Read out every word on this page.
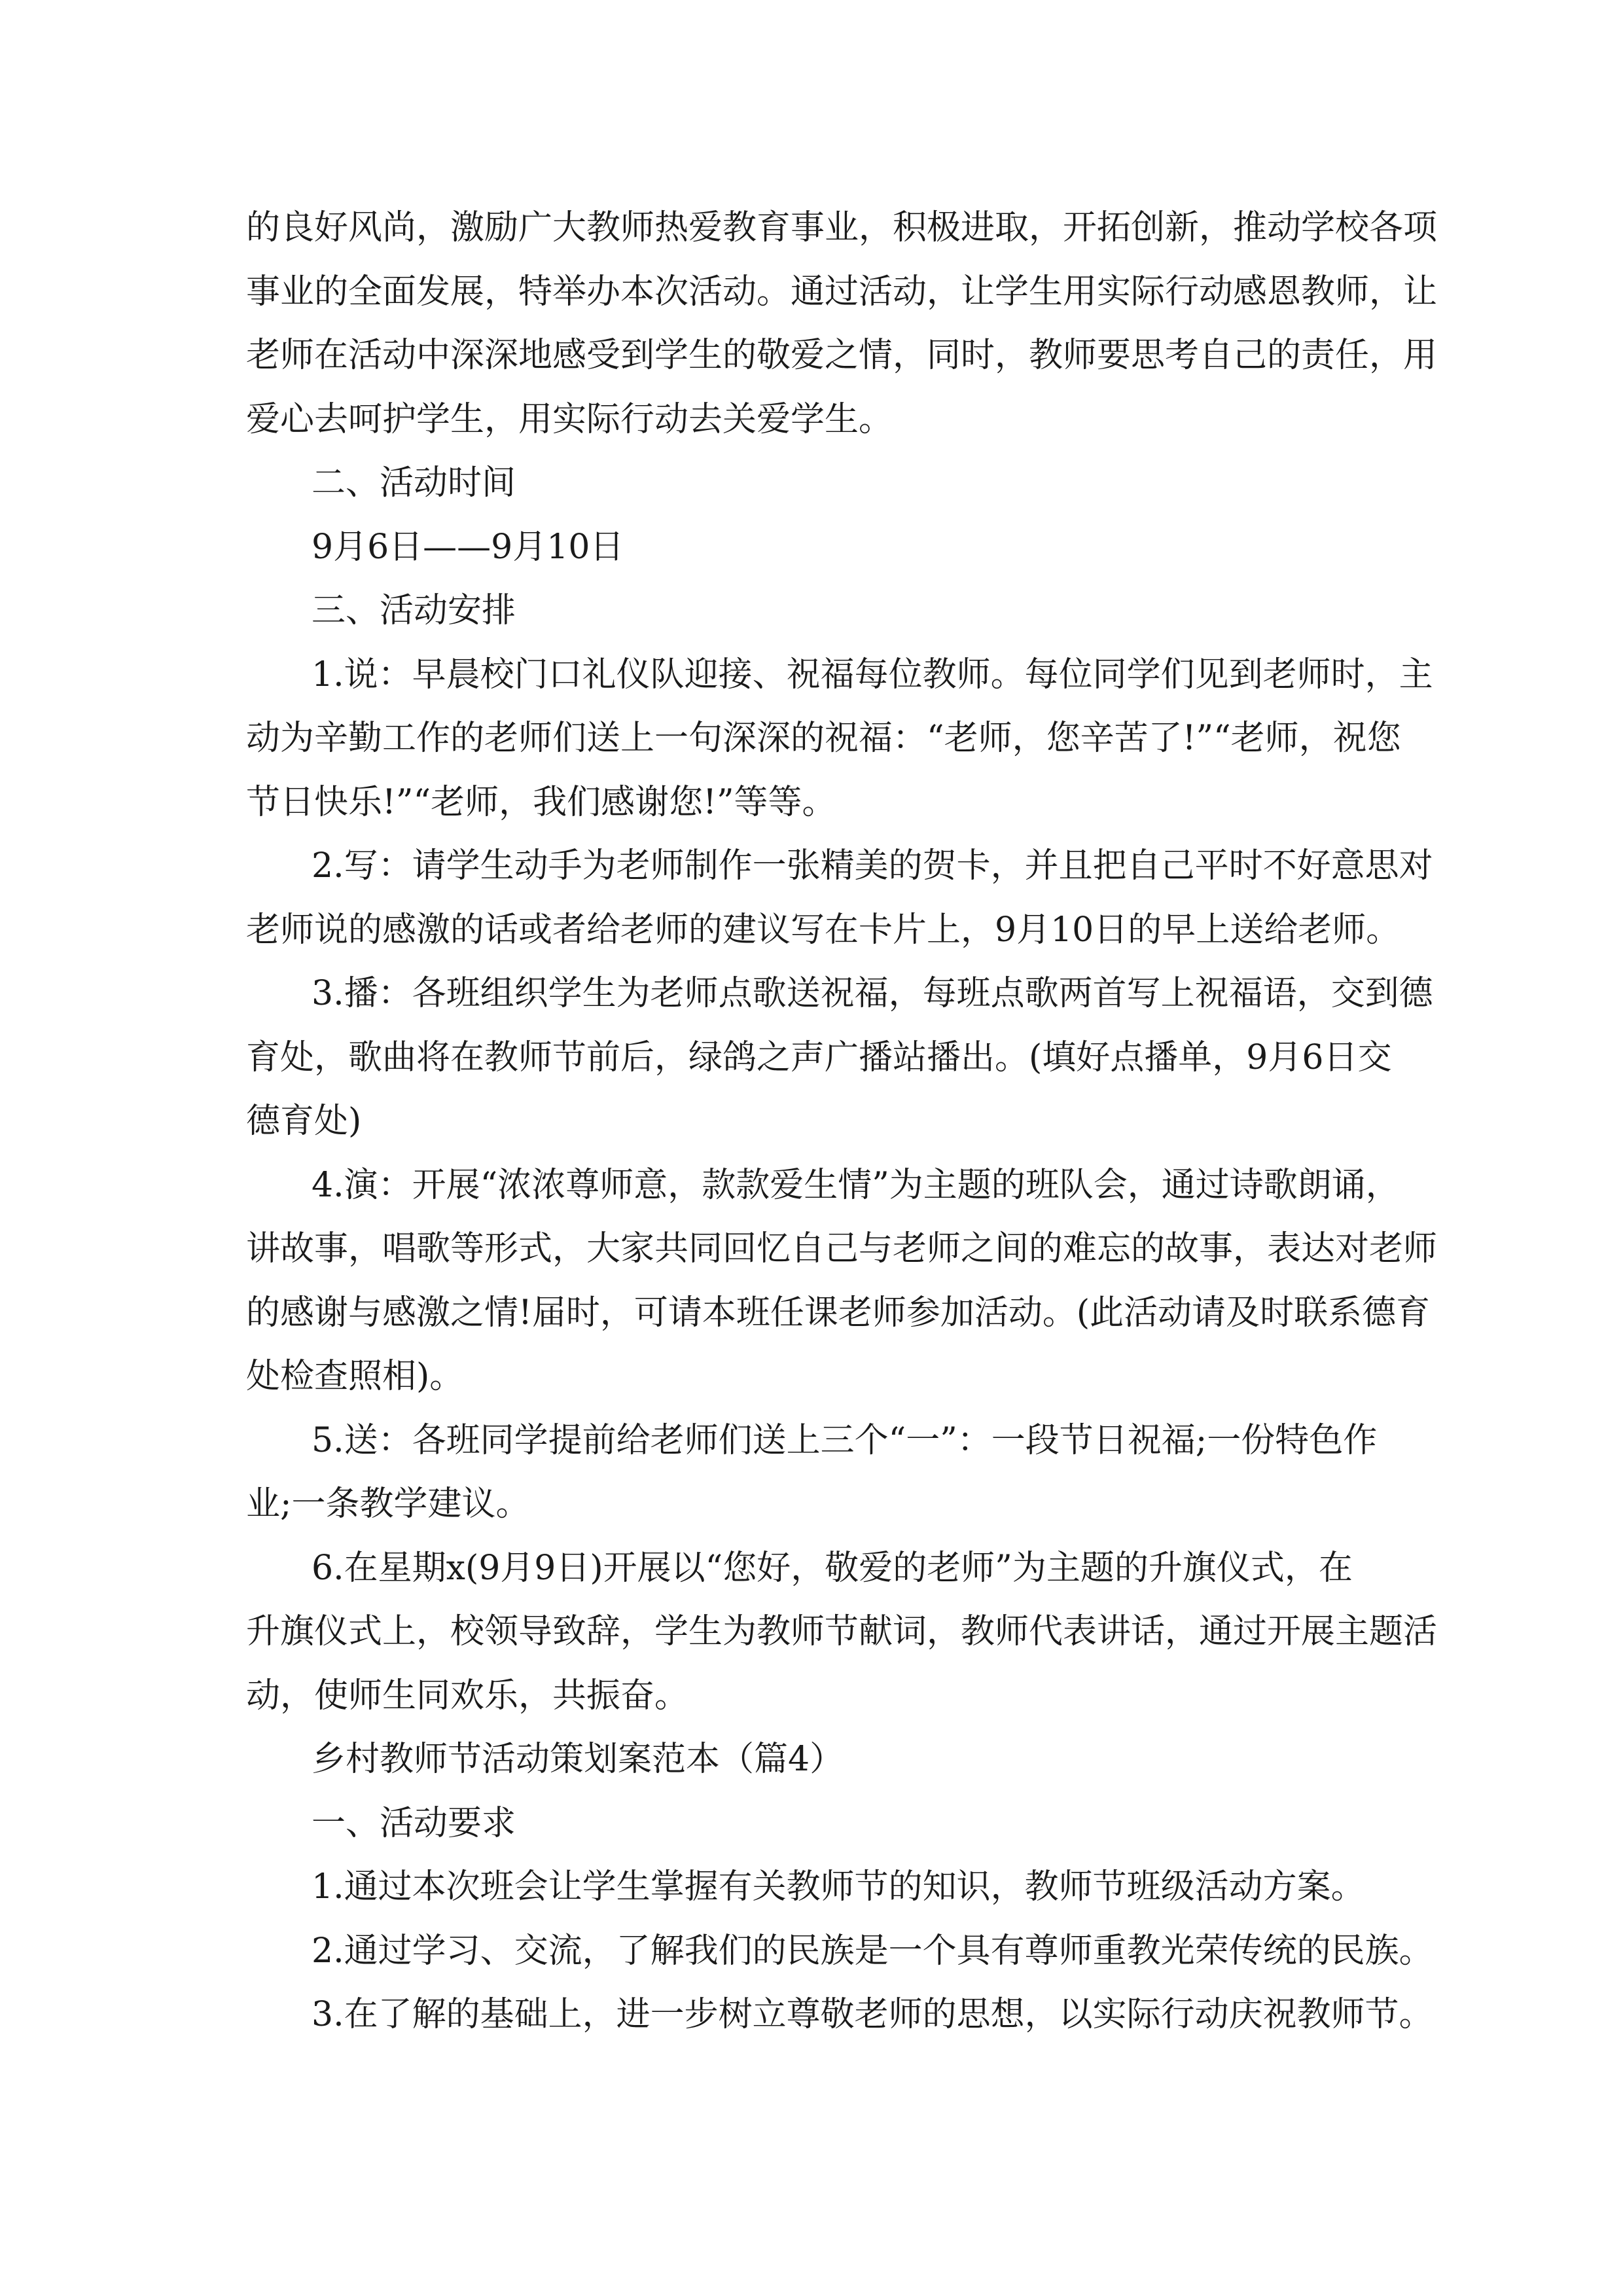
的良好风尚，激励广大教师热爱教育事业，积极进取，开拓创新，推动学校各项
事业的全面发展，特举办本次活动。通过活动，让学生用实际行动感恩教师，让
老师在活动中深深地感受到学生的敬爱之情，同时，教师要思考自己的责任，用
爱心去呵护学生，用实际行动去关爱学生。
二、活动时间
9月6日——9月10日
三、活动安排
1.说：早晨校门口礼仪队迎接、祝福每位教师。每位同学们见到老师时，主
动为辛勤工作的老师们送上一句深深的祝福：“老师，您辛苦了!”“老师，祝您
节日快乐!”“老师，我们感谢您!”等等。
2.写：请学生动手为老师制作一张精美的贺卡，并且把自己平时不好意思对
老师说的感激的话或者给老师的建议写在卡片上，9月10日的早上送给老师。
3.播：各班组织学生为老师点歌送祝福，每班点歌两首写上祝福语，交到德
育处，歌曲将在教师节前后，绿鸽之声广播站播出。(填好点播单，9月6日交
德育处)
4.演：开展“浓浓尊师意，款款爱生情”为主题的班队会，通过诗歌朗诵，
讲故事，唱歌等形式，大家共同回忆自己与老师之间的难忘的故事，表达对老师
的感谢与感激之情!届时，可请本班任课老师参加活动。(此活动请及时联系德育
处检查照相)。
5.送：各班同学提前给老师们送上三个“一”：一段节日祝福;一份特色作
业;一条教学建议。
6.在星期x(9月9日)开展以“您好，敬爱的老师”为主题的升旗仪式，在
升旗仪式上，校领导致辞，学生为教师节献词，教师代表讲话，通过开展主题活
动，使师生同欢乐，共振奋。
乡村教师节活动策划案范本（篇4）
一、活动要求
1.通过本次班会让学生掌握有关教师节的知识，教师节班级活动方案。
2.通过学习、交流，了解我们的民族是一个具有尊师重教光荣传统的民族。
3.在了解的基础上，进一步树立尊敬老师的思想，以实际行动庆祝教师节。
